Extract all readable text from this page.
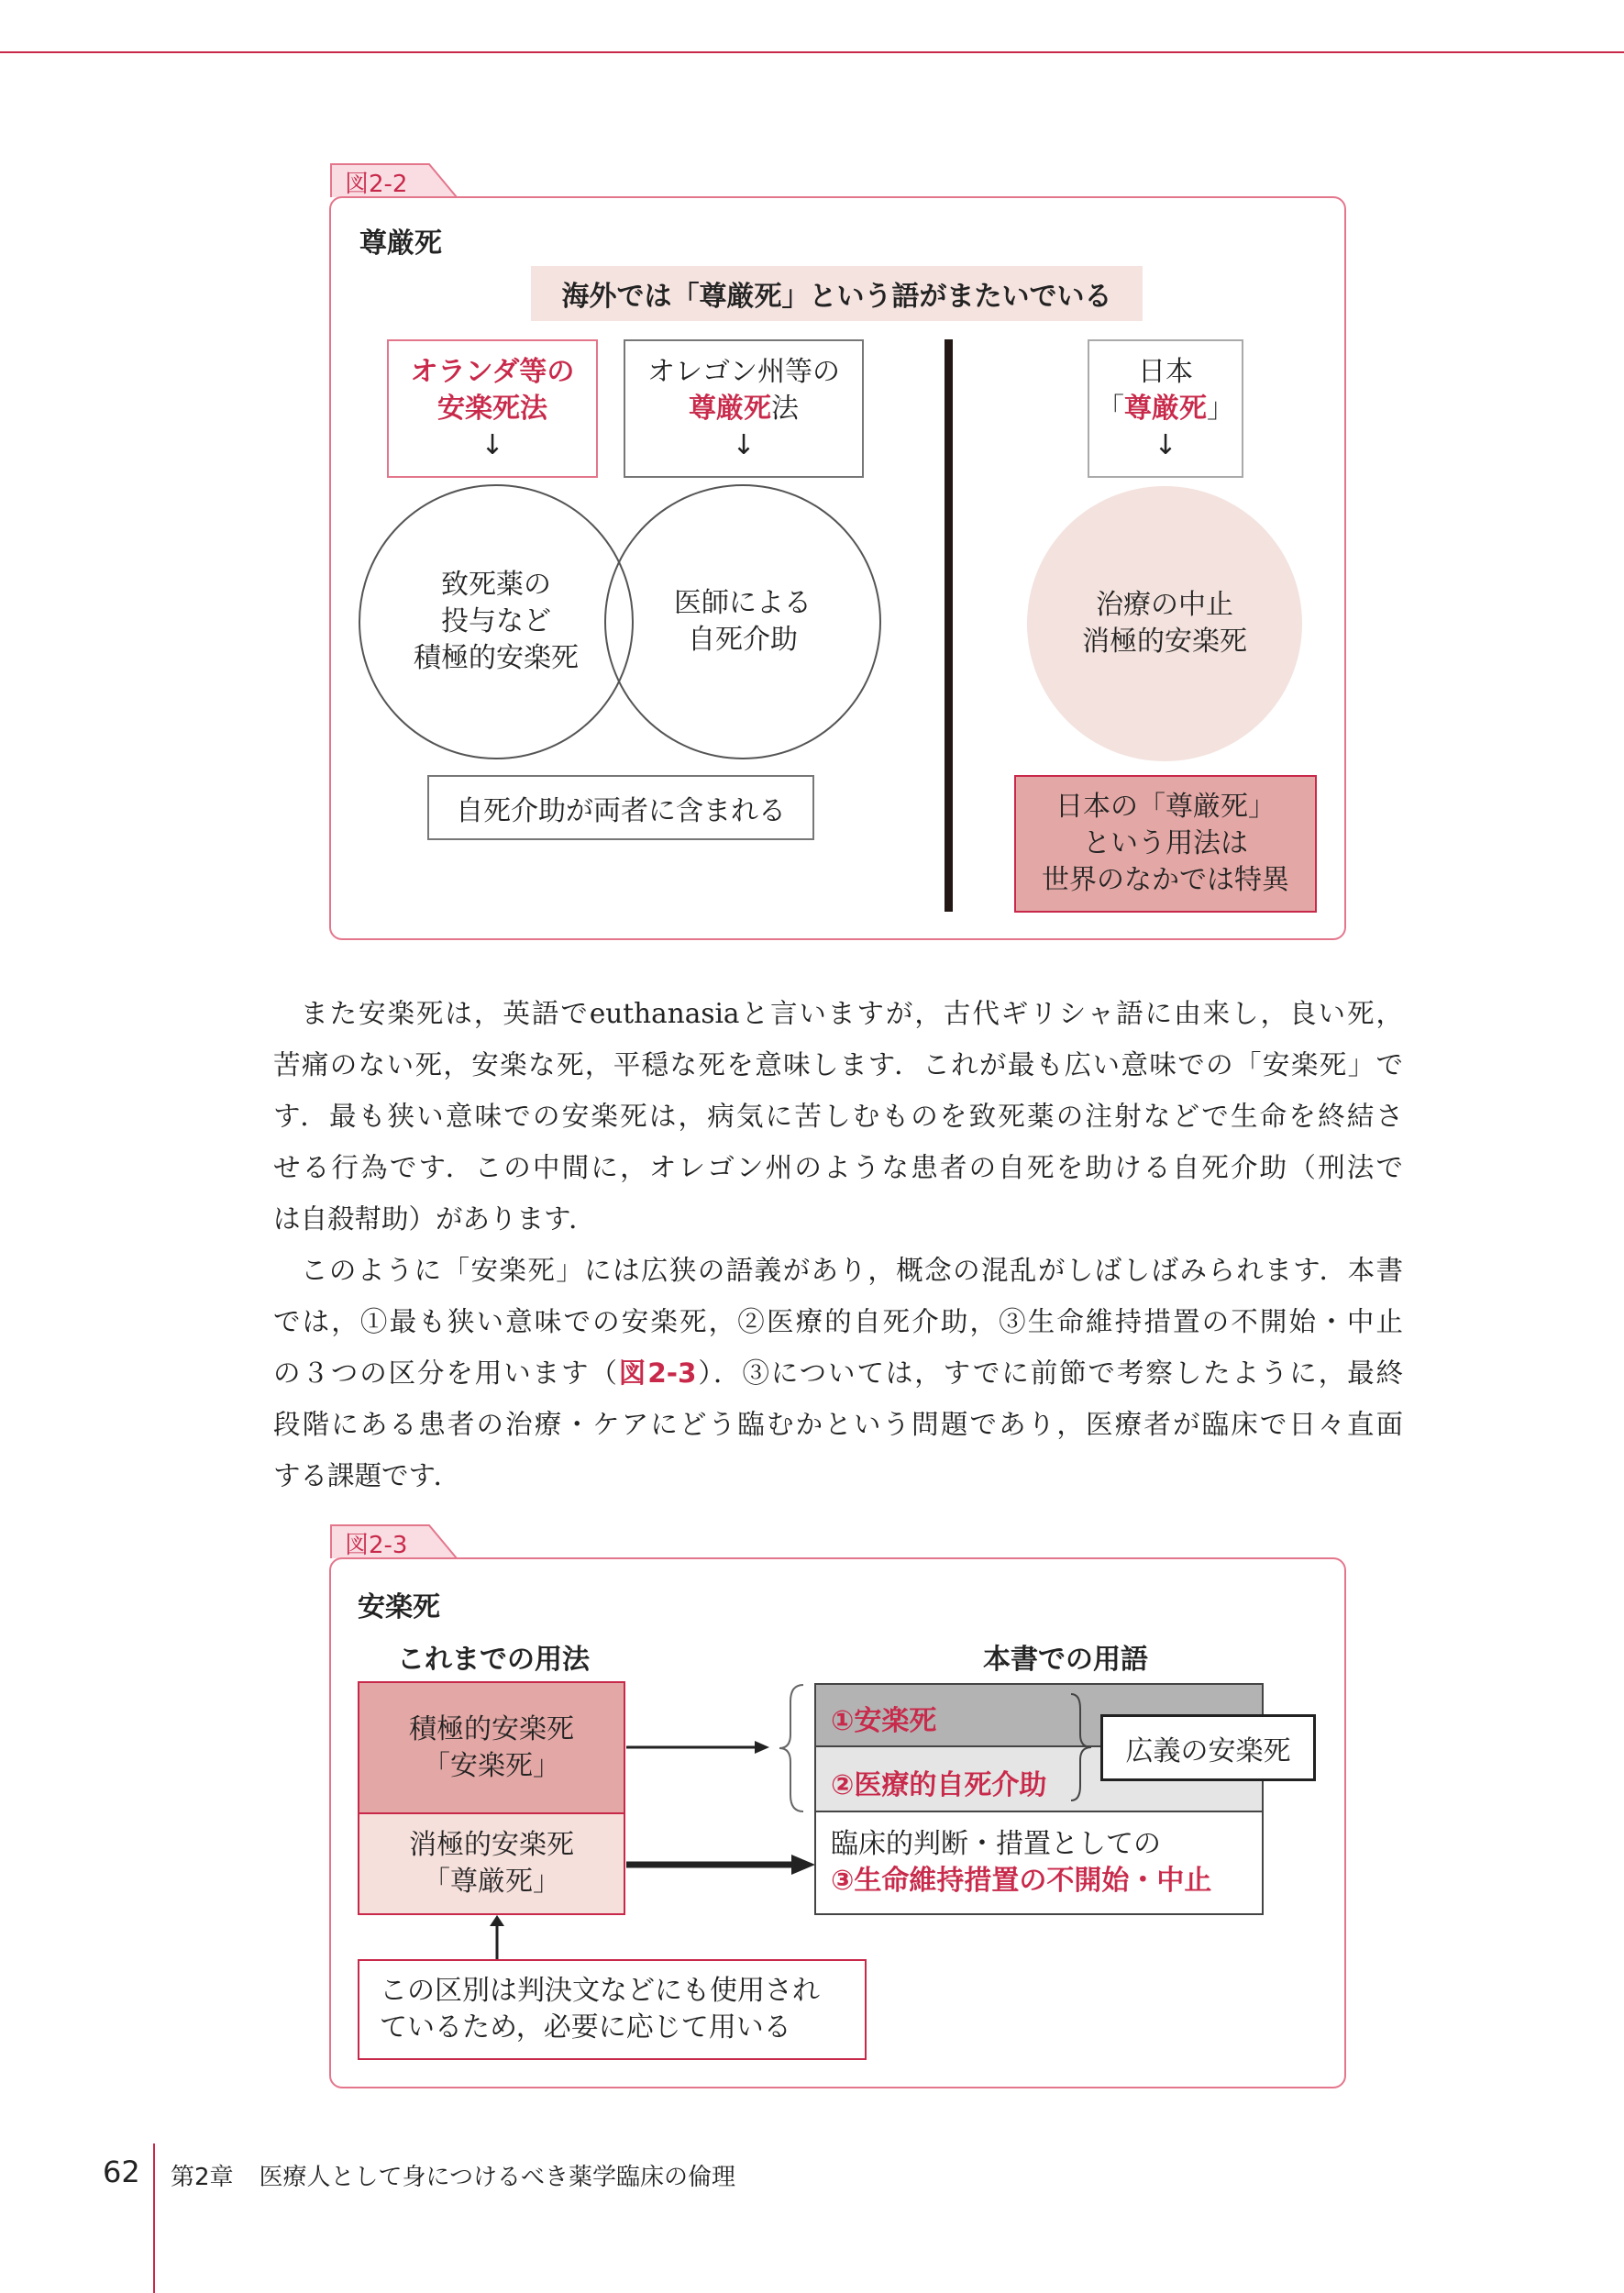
図2-2
尊厳死
海外では「尊厳死」という語がまたいでいる
オランダ等の
安楽死法
↓
オレゴン州等の
尊厳死法
↓
日本
「尊厳死」
↓
致死薬の
投与など
積極的安楽死
医師による
自死介助
治療の中止
消極的安楽死
自死介助が両者に含まれる	日本の「尊厳死」
という用法は
世界のなかでは特異
また安楽死は，英語でeuthanasiaと言いますが，古代ギリシャ語に由来し，良い死，
苦痛のない死，安楽な死，平穏な死を意味します．これが最も広い意味での「安楽死」で
す．最も狭い意味での安楽死は，病気に苦しむものを致死薬の注射などで生命を終結さ
せる行為です．この中間に，オレゴン州のような患者の自死を助ける自死介助（刑法で
は自殺幇助）があります．
このように「安楽死」には広狭の語義があり，概念の混乱がしばしばみられます．本書
では，①最も狭い意味での安楽死，②医療的自死介助，③生命維持措置の不開始・中止
の３つの区分を用います（図2-3）．③については，すでに前節で考察したように，最終
段階にある患者の治療・ケアにどう臨むかという問題であり，医療者が臨床で日々直面
する課題です．
図2-3
安楽死
これまでの用法	本書での用語
積極的安楽死
「安楽死」
消極的安楽死
「尊厳死」
この区別は判決文などにも使用され
ているため，必要に応じて用いる
①安楽死
②医療的自死介助
広義の安楽死
臨床的判断・措置としての
③生命維持措置の不開始・中止
62 第2章 医療人として身につけるべき薬学臨床の倫理
